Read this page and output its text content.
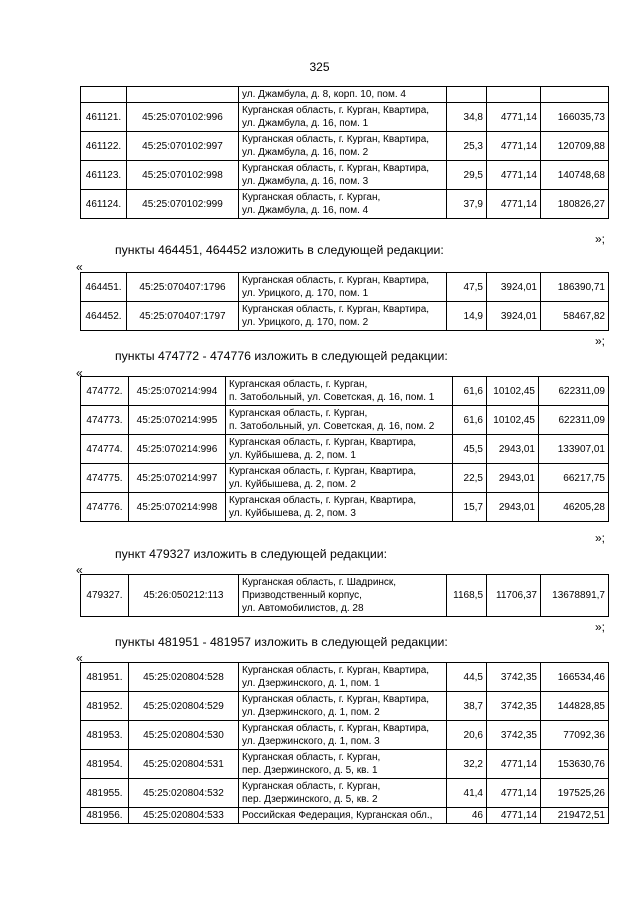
325
		ул. Джамбула, д. 8, корп. 10, пом. 4			
461121.	45:25:070102:996	Курганская область, г. Курган, Квартира,
ул. Джамбула, д. 16, пом. 1	34,8	4771,14	166035,73
461122.	45:25:070102:997	Курганская область, г. Курган, Квартира,
ул. Джамбула, д. 16, пом. 2	25,3	4771,14	120709,88
461123.	45:25:070102:998	Курганская область, г. Курган, Квартира,
ул. Джамбула, д. 16, пом. 3	29,5	4771,14	140748,68
461124.	45:25:070102:999	Курганская область, г. Курган,
ул. Джамбула, д. 16, пом. 4	37,9	4771,14	180826,27
»;
пункты 464451, 464452 изложить в следующей редакции:
«
464451.	45:25:070407:1796	Курганская область, г. Курган, Квартира,
ул. Урицкого, д. 170, пом. 1	47,5	3924,01	186390,71
464452.	45:25:070407:1797	Курганская область, г. Курган, Квартира,
ул. Урицкого, д. 170, пом. 2	14,9	3924,01	58467,82
»;
пункты 474772 - 474776 изложить в следующей редакции:
«
474772.	45:25:070214:994	Курганская область, г. Курган,
п. Затобольный, ул. Советская, д. 16, пом. 1	61,6	10102,45	622311,09
474773.	45:25:070214:995	Курганская область, г. Курган,
п. Затобольный, ул. Советская, д. 16, пом. 2	61,6	10102,45	622311,09
474774.	45:25:070214:996	Курганская область, г. Курган, Квартира,
ул. Куйбышева, д. 2, пом. 1	45,5	2943,01	133907,01
474775.	45:25:070214:997	Курганская область, г. Курган, Квартира,
ул. Куйбышева, д. 2, пом. 2	22,5	2943,01	66217,75
474776.	45:25:070214:998	Курганская область, г. Курган, Квартира,
ул. Куйбышева, д. 2, пом. 3	15,7	2943,01	46205,28
»;
пункт 479327 изложить в следующей редакции:
«
479327.	45:26:050212:113	Курганская область, г. Шадринск,
Призводственный корпус,
ул. Автомобилистов, д. 28	1168,5	11706,37	13678891,7
»;
пункты 481951 - 481957 изложить в следующей редакции:
«
481951.	45:25:020804:528	Курганская область, г. Курган, Квартира,
ул. Дзержинского, д. 1, пом. 1	44,5	3742,35	166534,46
481952.	45:25:020804:529	Курганская область, г. Курган, Квартира,
ул. Дзержинского, д. 1, пом. 2	38,7	3742,35	144828,85
481953.	45:25:020804:530	Курганская область, г. Курган, Квартира,
ул. Дзержинского, д. 1, пом. 3	20,6	3742,35	77092,36
481954.	45:25:020804:531	Курганская область, г. Курган,
пер. Дзержинского, д. 5, кв. 1	32,2	4771,14	153630,76
481955.	45:25:020804:532	Курганская область, г. Курган,
пер. Дзержинского, д. 5, кв. 2	41,4	4771,14	197525,26
481956.	45:25:020804:533	Российская Федерация, Курганская обл.,	46	4771,14	219472,51
